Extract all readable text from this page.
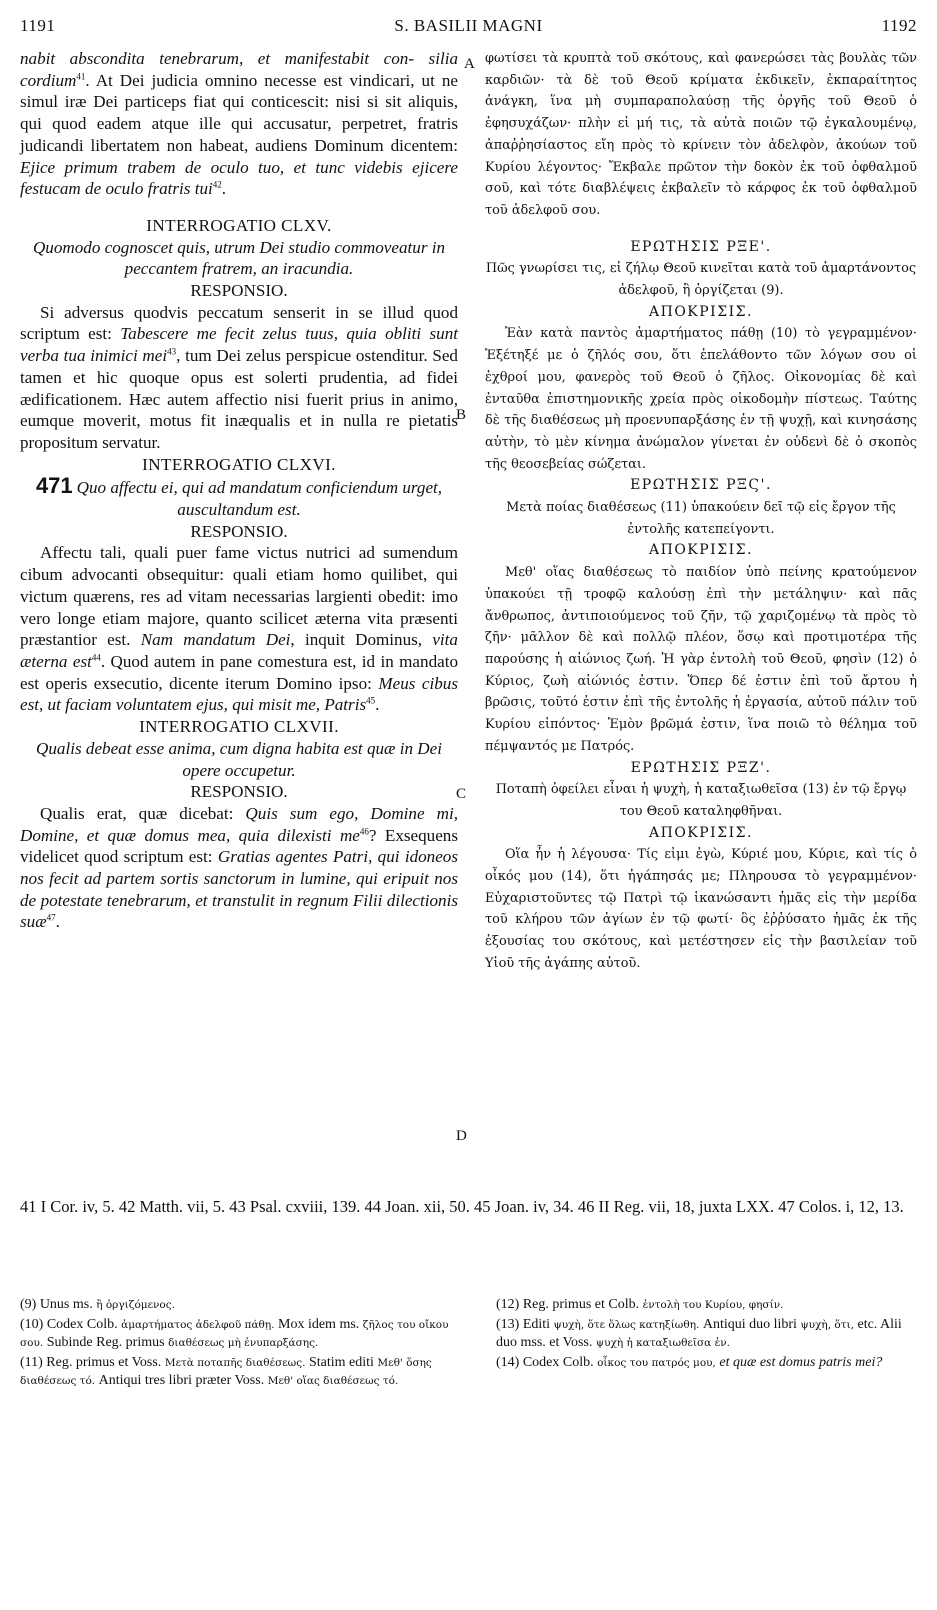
1191	S. BASILII MAGNI	1192
A
B
C
D

nabit abscondita tenebrarum, et manifestabit con- silia cordium$^{41}$. At Dei judicia omnino necesse est vindicari, ut ne simul iræ Dei particeps fiat qui conticescit: nisi si sit aliquis, qui quod eadem atque ille qui accusatur, perpetret, fratris judicandi libertatem non habeat, audiens Dominum dicentem: Ejice primum trabem de oculo tuo, et tunc videbis ejicere festucam de oculo fratris tui$^{42}$.

INTERROGATIO CLXV.

Quomodo cognoscet quis, utrum Dei studio commoveatur in peccantem fratrem, an iracundia.

RESPONSIO.

Si adversus quodvis peccatum senserit in se illud quod scriptum est: Tabescere me fecit zelus tuus, quia obliti sunt verba tua inimici mei$^{43}$, tum Dei zelus perspicue ostenditur. Sed tamen et hic quoque opus est solerti prudentia, ad fidei ædificationem. Hæc autem affectio nisi fuerit prius in animo, eumque moverit, motus fit inæqualis et in nulla re pietatis propositum servatur.

INTERROGATIO CLXVI.

471 Quo affectu ei, qui ad mandatum conficiendum urget, auscultandum est.

RESPONSIO.

Affectu tali, quali puer fame victus nutrici ad sumendum cibum advocanti obsequitur: quali etiam homo quilibet, qui victum quærens, res ad vitam necessarias largienti obedit: imo vero longe etiam majore, quanto scilicet æterna vita præsenti præstantior est. Nam mandatum Dei, inquit Dominus, vita æterna est$^{44}$. Quod autem in pane comestura est, id in mandato est operis exsecutio, dicente iterum Domino ipso: Meus cibus est, ut faciam voluntatem ejus, qui misit me, Patris$^{45}$.

INTERROGATIO CLXVII.

Qualis debeat esse anima, cum digna habita est quæ in Dei opere occupetur.

RESPONSIO.

Qualis erat, quæ dicebat: Quis sum ego, Domine mi, Domine, et quæ domus mea, quia dilexisti $me^{46}$? Exsequens videlicet quod scriptum est: Gratias agentes Patri, qui idoneos nos fecit ad partem sortis sanctorum in lumine, qui eripuit nos de potestate tenebrarum, et transtulit in regnum Filii dilectionis suæ$^{47}$.

φωτίσει τὰ κρυπτὰ τοῦ σκότους, καὶ φανερώσει τὰς βουλὰς τῶν καρδιῶν· τὰ δὲ τοῦ Θεοῦ κρίματα ἐκδικεῖν, ἐκπαραίτητος ἀνάγκη, ἵνα μὴ συμπαραπολαύσῃ τῆς ὀργῆς τοῦ Θεοῦ ὁ ἐφησυχάζων· πλὴν εἰ μή τις, τὰ αὐτὰ ποιῶν τῷ ἐγκαλουμένῳ, ἀπαῤῥησίαστος εἴη πρὸς τὸ κρίνειν τὸν ἀδελφὸν, ἀκούων τοῦ Κυρίου λέγοντος· Ἔκβαλε πρῶτον τὴν δοκὸν ἐκ τοῦ ὀφθαλμοῦ σοῦ, καὶ τότε διαβλέψεις ἐκβαλεῖν τὸ κάρφος ἐκ τοῦ ὀφθαλμοῦ τοῦ ἀδελφοῦ σου.

ΕΡΩΤΗΣΙΣ ΡΞΕ'.

Πῶς γνωρίσει τις, εἰ ζήλῳ Θεοῦ κινεῖται κατὰ τοῦ ἁμαρτάνοντος ἀδελφοῦ, ἢ ὀργίζεται (9).

ΑΠΟΚΡΙΣΙΣ.

Ἐὰν κατὰ παντὸς ἁμαρτήματος πάθῃ (10) τὸ γεγραμμένον· Ἐξέτηξέ με ὁ ζῆλός σου, ὅτι ἐπελάθοντο τῶν λόγων σου οἱ ἐχθροί μου, φανερὸς τοῦ Θεοῦ ὁ ζῆλος. Οἰκονομίας δὲ καὶ ἐνταῦθα ἐπιστημονικῆς χρεία πρὸς οἰκοδομὴν πίστεως. Ταύτης δὲ τῆς διαθέσεως μὴ προενυπαρξάσης ἐν τῇ ψυχῇ, καὶ κινησάσης αὐτὴν, τὸ μὲν κίνημα ἀνώμαλον γίνεται ἐν οὐδενὶ δὲ ὁ σκοπὸς τῆς θεοσεβείας σώζεται.

ΕΡΩΤΗΣΙΣ ΡΞϚ'.

Μετὰ ποίας διαθέσεως (11) ὑπακούειν δεῖ τῷ εἰς ἔργον τῆς ἐντολῆς κατεπείγοντι.

ΑΠΟΚΡΙΣΙΣ.

Μεθ' οἵας διαθέσεως τὸ παιδίον ὑπὸ πείνης κρατούμενον ὑπακούει τῇ τροφῷ καλούσῃ ἐπὶ τὴν μετάληψιν· καὶ πᾶς ἄνθρωπος, ἀντιποιούμενος τοῦ ζῆν, τῷ χαριζομένῳ τὰ πρὸς τὸ ζῆν· μᾶλλον δὲ καὶ πολλῷ πλέον, ὅσῳ καὶ προτιμοτέρα τῆς παρούσης ἡ αἰώνιος ζωή. Ἡ γὰρ ἐντολὴ τοῦ Θεοῦ, φησὶν (12) ὁ Κύριος, ζωὴ αἰώνιός ἐστιν. Ὅπερ δέ ἐστιν ἐπὶ τοῦ ἄρτου ἡ βρῶσις, τοῦτό ἐστιν ἐπὶ τῆς ἐντολῆς ἡ ἐργασία, αὐτοῦ πάλιν τοῦ Κυρίου εἰπόντος· Ἐμὸν βρῶμά ἐστιν, ἵνα ποιῶ τὸ θέλημα τοῦ πέμψαντός με Πατρός.

ΕΡΩΤΗΣΙΣ ΡΞΖ'.

Ποταπὴ ὀφείλει εἶναι ἡ ψυχὴ, ἡ καταξιωθεῖσα (13) ἐν τῷ ἔργῳ του Θεοῦ καταληφθῆναι.

ΑΠΟΚΡΙΣΙΣ.

Οἵα ἦν ἡ λέγουσα· Τίς εἰμι ἐγὼ, Κύριέ μου, Κύριε, καὶ τίς ὁ οἶκός μου (14), ὅτι ἠγάπησάς με; Πληρουσα τὸ γεγραμμένον· Εὐχαριστοῦντες τῷ Πατρὶ τῷ ἱκανώσαντι ἡμᾶς εἰς τὴν μερίδα τοῦ κλήρου τῶν ἁγίων ἐν τῷ φωτί· ὃς ἐῤῥύσατο ἡμᾶς ἐκ τῆς ἐξουσίας του σκότους, καὶ μετέστησεν εἰς τὴν βασιλείαν τοῦ Υἱοῦ τῆς ἀγάπης αὐτοῦ.

41 I Cor. iv, 5. 42 Matth. vii, 5. 43 Psal. cxviii, 139. 44 Joan. xii, 50. 45 Joan. iv, 34. 46 II Reg. vii, 18, juxta LXX. 47 Colos. i, 12, 13.

(9) Unus ms. ἢ ὀργιζόμενος.

(10) Codex Colb. ἁμαρτήματος ἀδελφοῦ πάθῃ. Mox idem ms. ζῆλος του οἴκου σου. Subinde Reg. primus διαθέσεως μὴ ἐνυπαρξάσης.

(11) Reg. primus et Voss. Μετὰ ποταπῆς διαθέσεως. Statim editi Μεθ' ὅσης διαθέσεως τό. Antiqui tres libri præter Voss. Μεθ' οἵας διαθέσεως τό.

(12) Reg. primus et Colb. ἐντολὴ του Κυρίου, φησίν.

(13) Editi ψυχὴ, ὅτε ὅλως κατηξίωθη. Antiqui duo libri ψυχὴ, ὅτι, etc. Alii duo mss. et Voss. ψυχὴ ἡ καταξιωθεῖσα ἐν.

(14) Codex Colb. οἶκος του πατρός μου, et quæ est domus patris mei?
